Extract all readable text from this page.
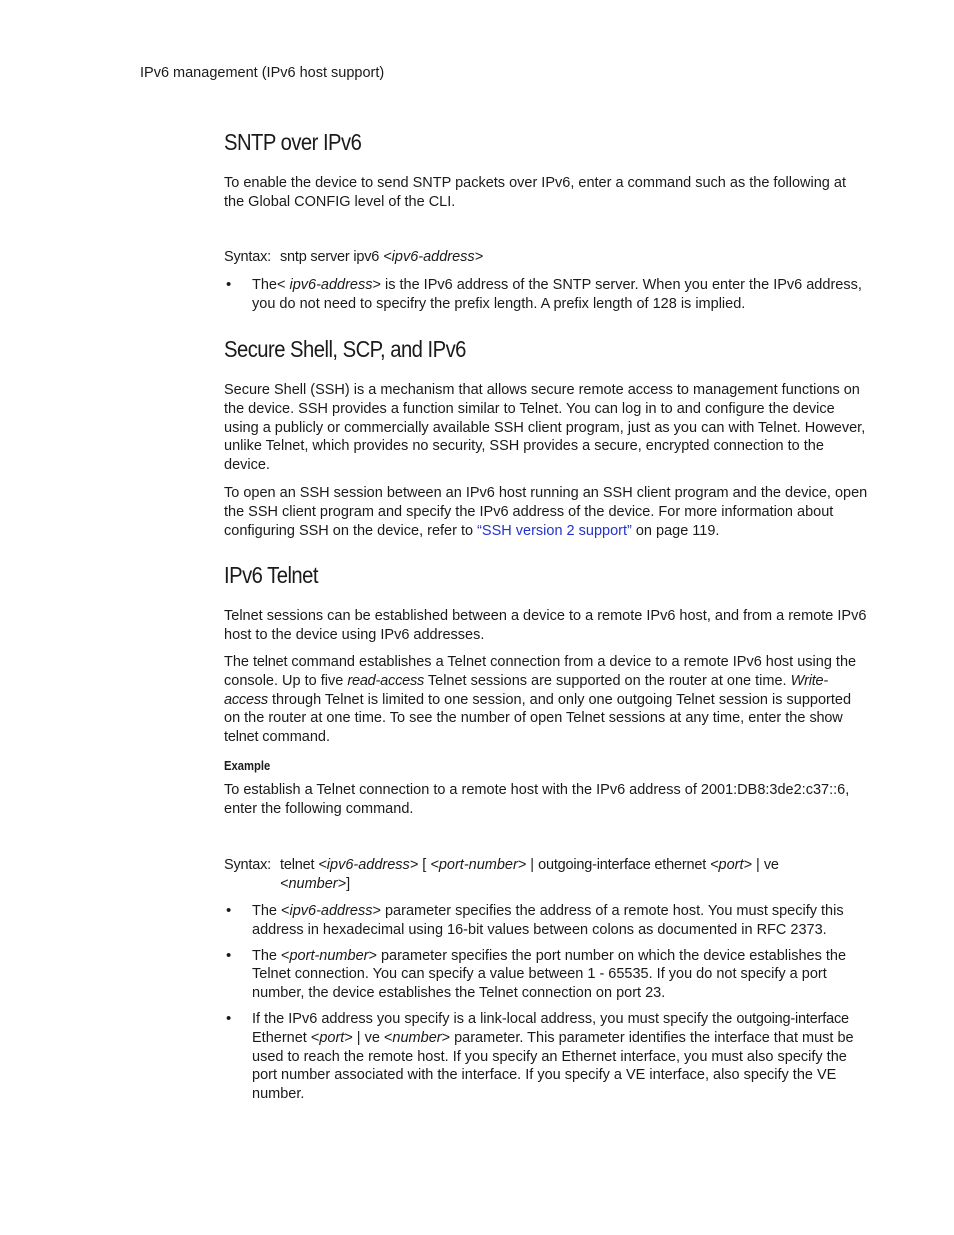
IPv6 management (IPv6 host support)
SNTP over IPv6

To enable the device to send SNTP packets over IPv6, enter a command such as the following at the Global CONFIG level of the CLI.

Syntax: sntp server ipv6 <ipv6-address>
• The< ipv6-address> is the IPv6 address of the SNTP server. When you enter the IPv6 address, you do not need to specifry the prefix length. A prefix length of 128 is implied.
Secure Shell, SCP, and IPv6

Secure Shell (SSH) is a mechanism that allows secure remote access to management functions on the device. SSH provides a function similar to Telnet. You can log in to and configure the device using a publicly or commercially available SSH client program, just as you can with Telnet. However, unlike Telnet, which provides no security, SSH provides a secure, encrypted connection to the device.

To open an SSH session between an IPv6 host running an SSH client program and the device, open the SSH client program and specify the IPv6 address of the device. For more information about configuring SSH on the device, refer to “SSH version 2 support” on page 119.

IPv6 Telnet

Telnet sessions can be established between a device to a remote IPv6 host, and from a remote IPv6 host to the device using IPv6 addresses.

The telnet command establishes a Telnet connection from a device to a remote IPv6 host using the console. Up to five read-access Telnet sessions are supported on the router at one time. Write-access through Telnet is limited to one session, and only one outgoing Telnet session is supported on the router at one time. To see the number of open Telnet sessions at any time, enter the show telnet command.

Example

To establish a Telnet connection to a remote host with the IPv6 address of 2001:DB8:3de2:c37::6, enter the following command.

Syntax: telnet <ipv6-address> [ <port-number> | outgoing-interface ethernet <port> | ve
<number>]
• The <ipv6-address> parameter specifies the address of a remote host. You must specify this address in hexadecimal using 16-bit values between colons as documented in RFC 2373.
• The <port-number> parameter specifies the port number on which the device establishes the Telnet connection. You can specify a value between 1 - 65535. If you do not specify a port number, the device establishes the Telnet connection on port 23.
• If the IPv6 address you specify is a link-local address, you must specify the outgoing-interface Ethernet <port> | ve <number> parameter. This parameter identifies the interface that must be used to reach the remote host. If you specify an Ethernet interface, you must also specify the port number associated with the interface. If you specify a VE interface, also specify the VE number.
